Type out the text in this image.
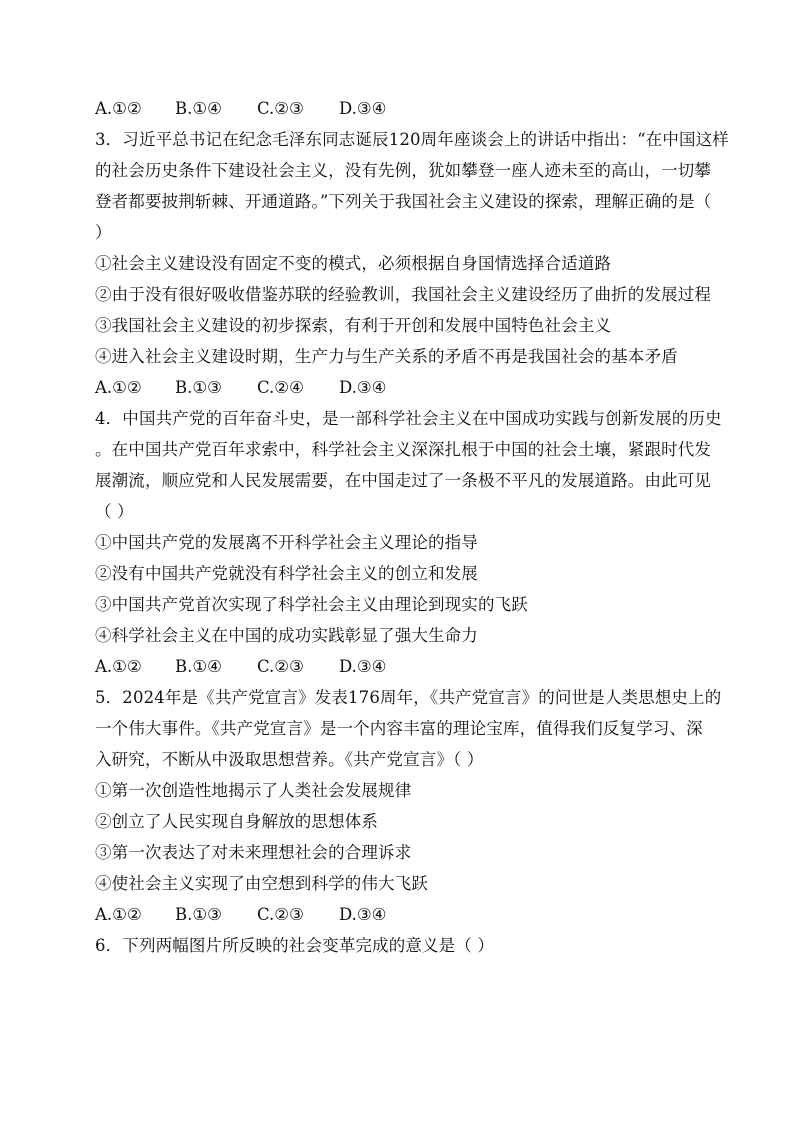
A.①②	B.①④	C.②③	D.③④
3．习近平总书记在纪念毛泽东同志诞辰120周年座谈会上的讲话中指出：“在中国这样
的社会历史条件下建设社会主义，没有先例，犹如攀登一座人迹未至的高山，一切攀
登者都要披荆斩棘、开通道路。”下列关于我国社会主义建设的探索，理解正确的是（
）
①社会主义建设没有固定不变的模式，必须根据自身国情选择合适道路
②由于没有很好吸收借鉴苏联的经验教训，我国社会主义建设经历了曲折的发展过程
③我国社会主义建设的初步探索，有利于开创和发展中国特色社会主义
④进入社会主义建设时期，生产力与生产关系的矛盾不再是我国社会的基本矛盾
A.①②	B.①③	C.②④	D.③④
4．中国共产党的百年奋斗史，是一部科学社会主义在中国成功实践与创新发展的历史
。在中国共产党百年求索中，科学社会主义深深扎根于中国的社会土壤，紧跟时代发
展潮流，顺应党和人民发展需要，在中国走过了一条极不平凡的发展道路。由此可见
（ ）
①中国共产党的发展离不开科学社会主义理论的指导
②没有中国共产党就没有科学社会主义的创立和发展
③中国共产党首次实现了科学社会主义由理论到现实的飞跃
④科学社会主义在中国的成功实践彰显了强大生命力
A.①②	B.①④	C.②③	D.③④
5．2024年是《共产党宣言》发表176周年，《共产党宣言》的问世是人类思想史上的
一个伟大事件。《共产党宣言》是一个内容丰富的理论宝库，值得我们反复学习、深
入研究，不断从中汲取思想营养。《共产党宣言》（ ）
①第一次创造性地揭示了人类社会发展规律
②创立了人民实现自身解放的思想体系
③第一次表达了对未来理想社会的合理诉求
④使社会主义实现了由空想到科学的伟大飞跃
A.①②	B.①③	C.②③	D.③④
6．下列两幅图片所反映的社会变革完成的意义是（ ）
